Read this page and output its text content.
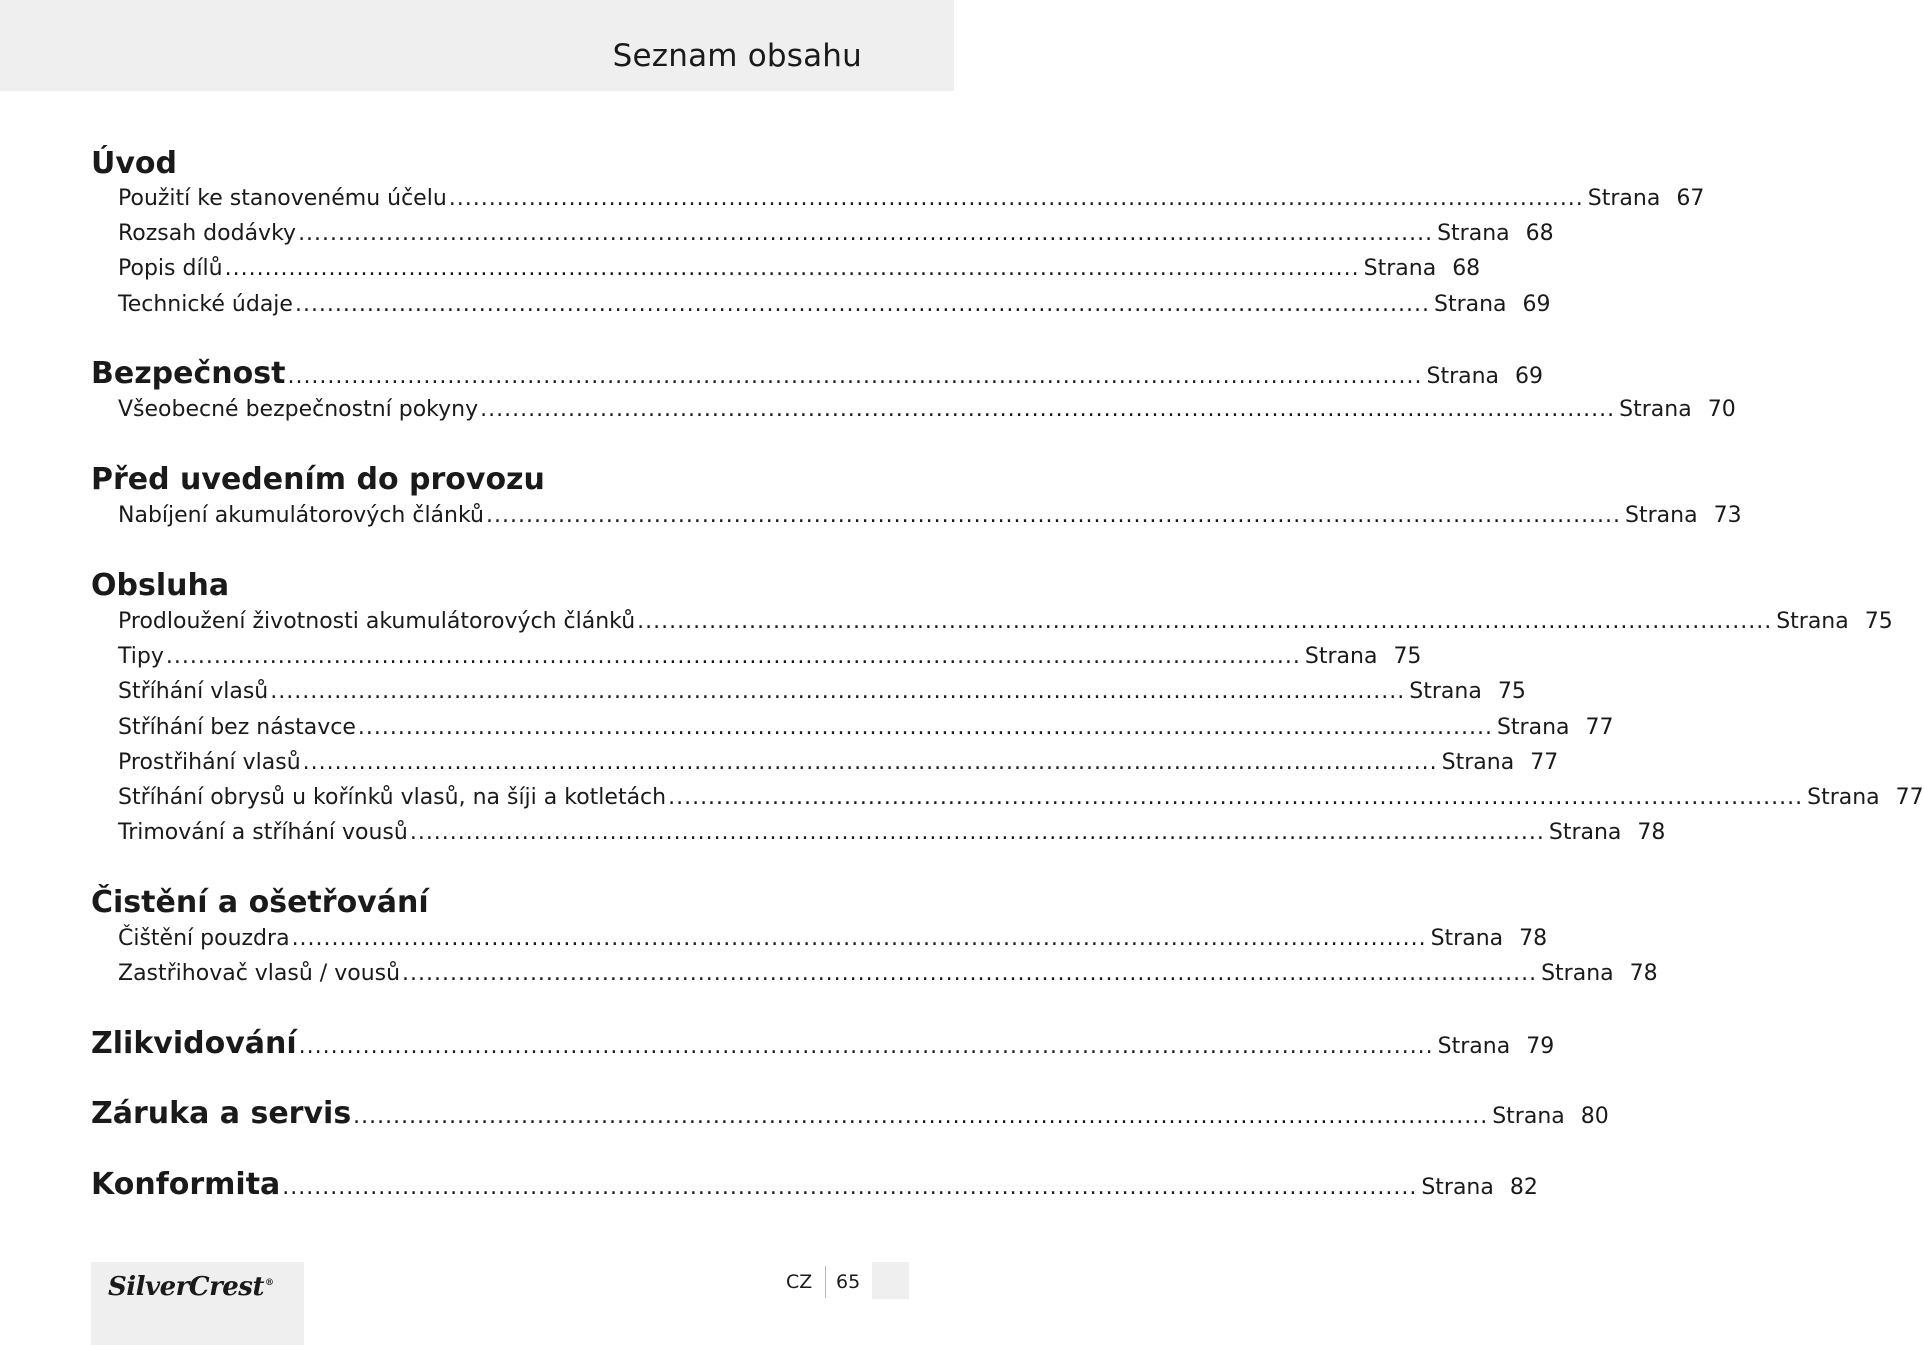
Seznam obsahu
Úvod
Použití ke stanovenému účelu .............................................................................................................................................. Strana 67
Rozsah dodávky .............................................................................................................................................. Strana 68
Popis dílů .............................................................................................................................................. Strana 68
Technické údaje .............................................................................................................................................. Strana 69
Bezpečnost .............................................................................................................................................. Strana 69
Všeobecné bezpečnostní pokyny .............................................................................................................................................. Strana 70
Před uvedením do provozu
Nabíjení akumulátorových článků .............................................................................................................................................. Strana 73
Obsluha
Prodloužení životnosti akumulátorových článků .............................................................................................................................................. Strana 75
Tipy .............................................................................................................................................. Strana 75
Stříhání vlasů .............................................................................................................................................. Strana 75
Stříhání bez nástavce .............................................................................................................................................. Strana 77
Prostřihání vlasů .............................................................................................................................................. Strana 77
Stříhání obrysů u kořínků vlasů, na šíji a kotletách .............................................................................................................................................. Strana 77
Trimování a stříhání vousů .............................................................................................................................................. Strana 78
Čistění a ošetřování
Čištění pouzdra .............................................................................................................................................. Strana 78
Zastřihovač vlasů / vousů .............................................................................................................................................. Strana 78
Zlikvidování .............................................................................................................................................. Strana 79
Záruka a servis .............................................................................................................................................. Strana 80
Konformita .............................................................................................................................................. Strana 82
SilverCrest®	CZ 65
